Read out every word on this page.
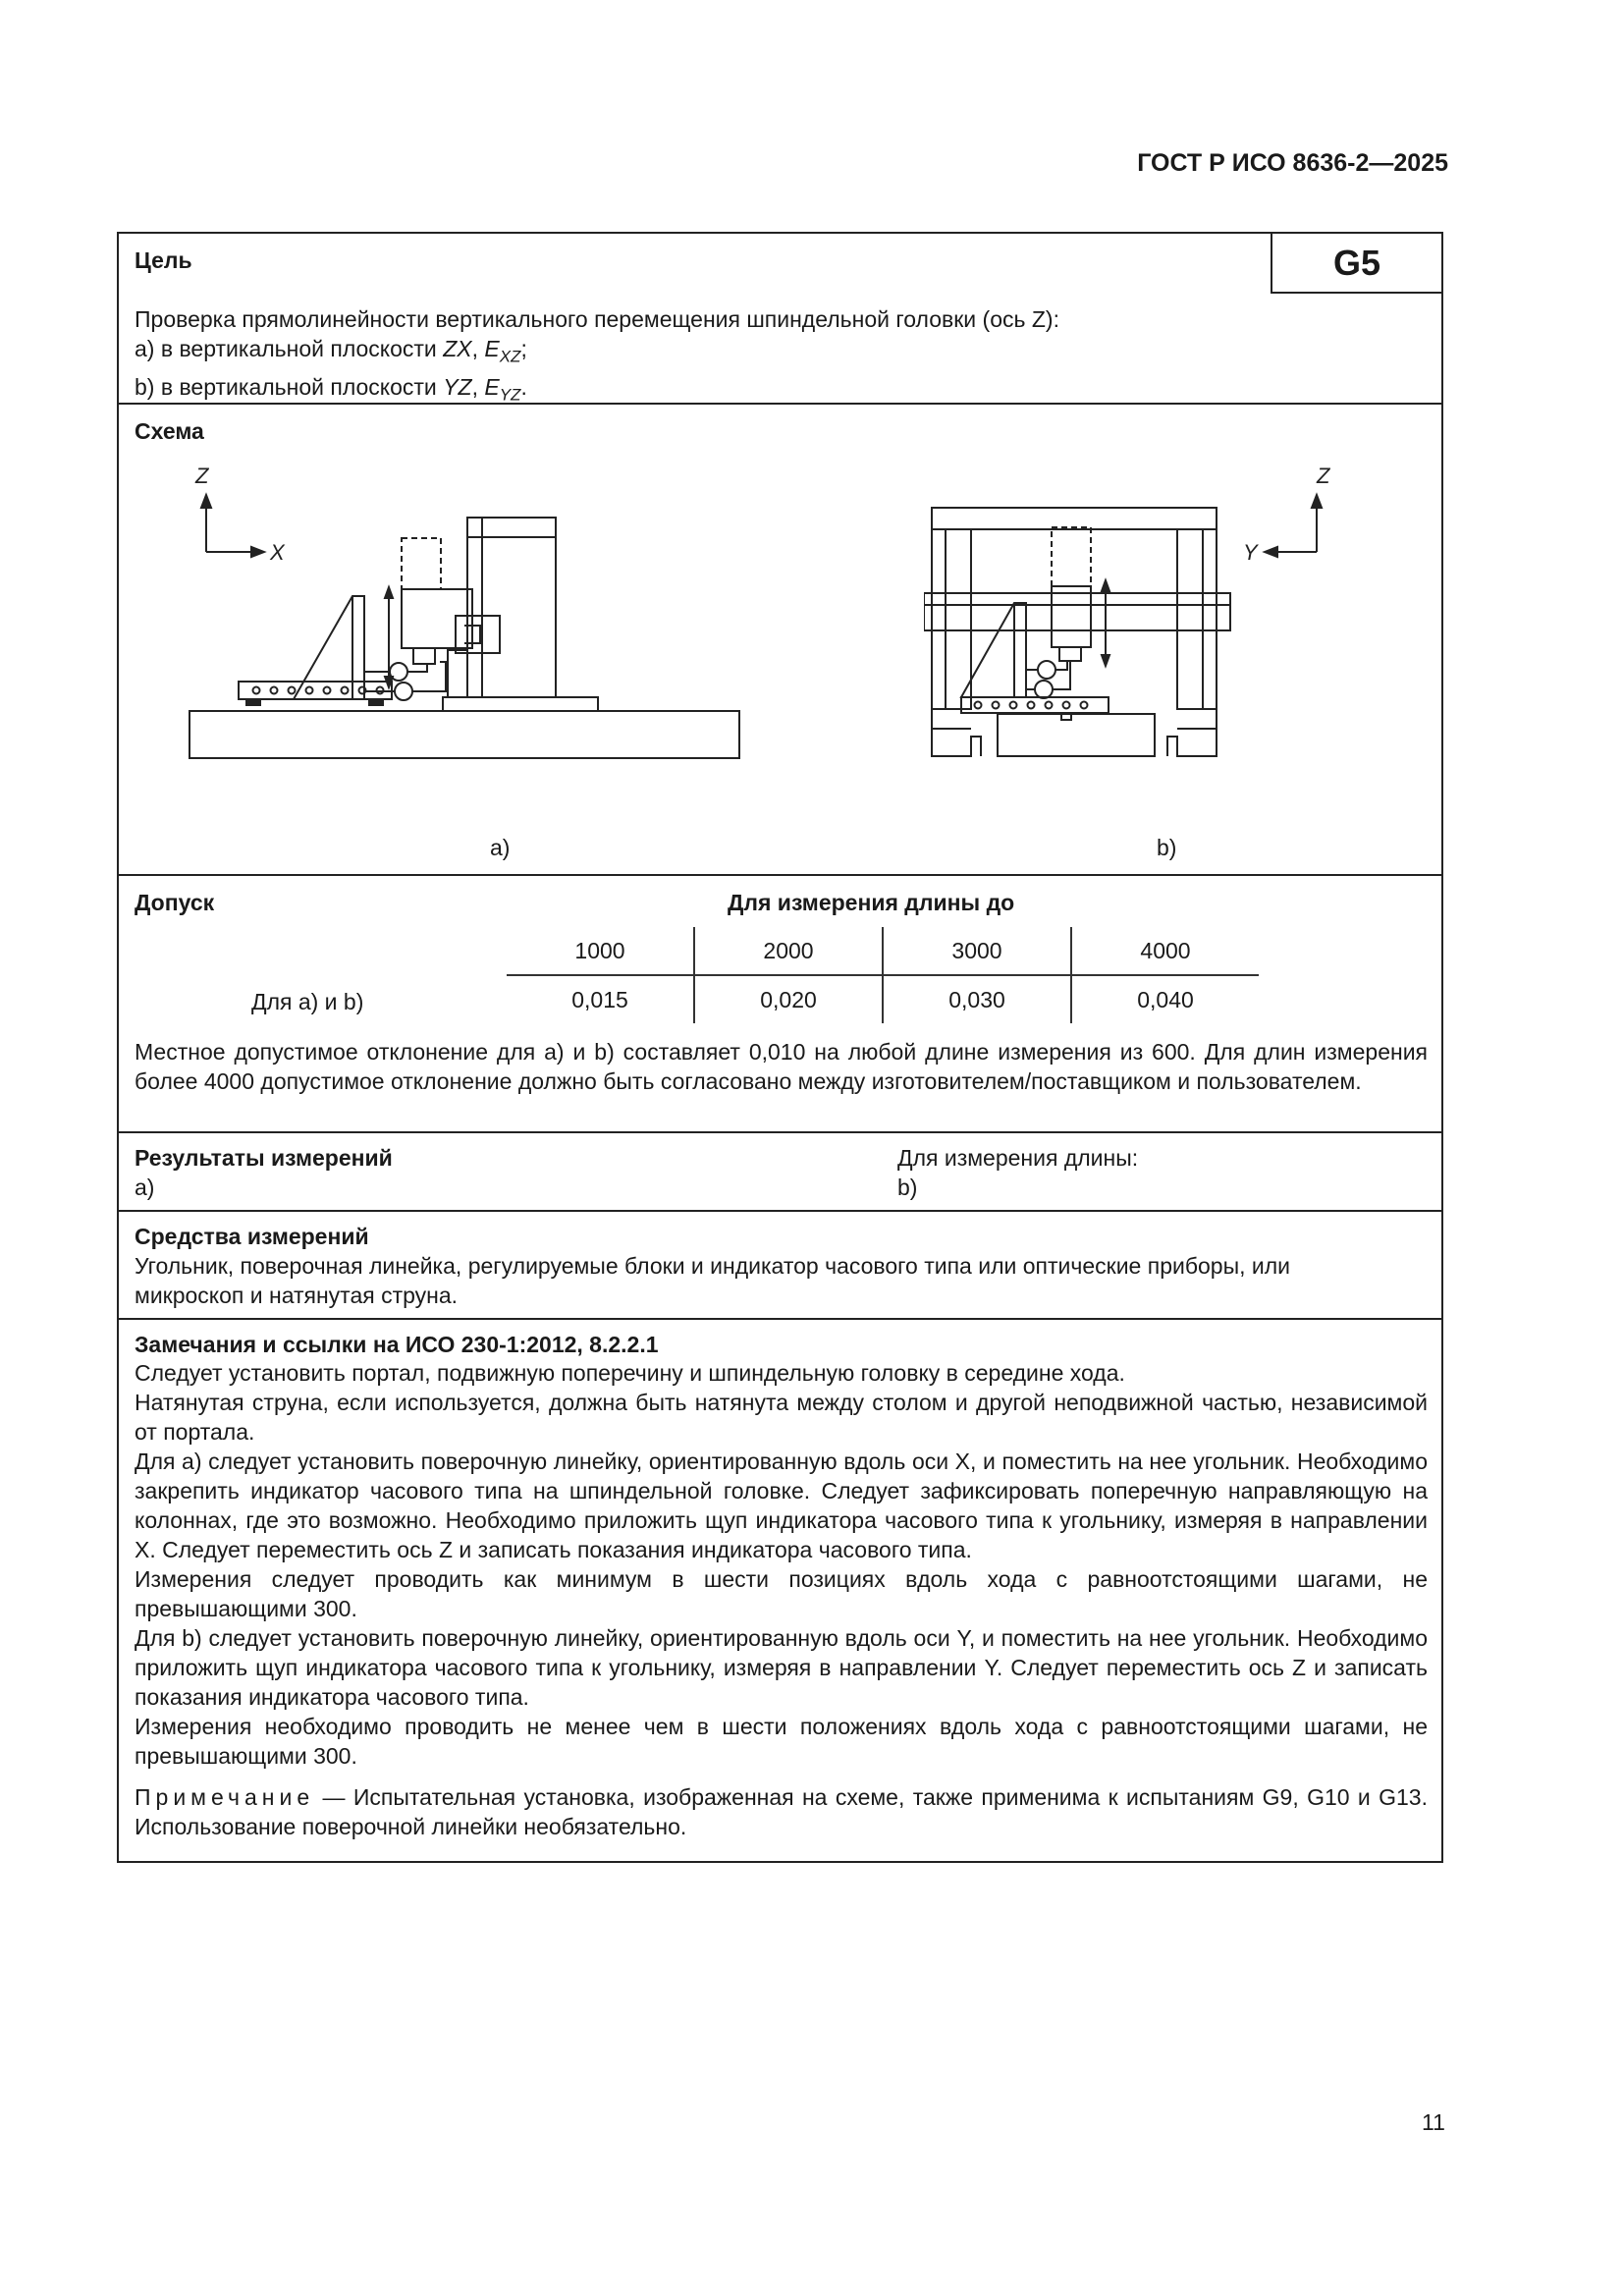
ГОСТ Р ИСО 8636-2—2025
G5
Цель
Проверка прямолинейности вертикального перемещения шпиндельной головки (ось Z):
a) в вертикальной плоскости ZX, $E_{XZ}$;
b) в вертикальной плоскости YZ, $E_{YZ}$.
Схема
Z
X
a)
Z
Y
b)
Допуск	Для измерения длины до
Для a) и b)
1000	2000	3000	4000
0,015	0,020	0,030	0,040
Местное допустимое отклонение для a) и b) составляет 0,010 на любой длине измерения из 600. Для длин измерения более 4000 допустимое отклонение должно быть согласовано между изготовителем/поставщиком и пользователем.
Результаты измерений
a)
Для измерения длины:
b)
Средства измерений
Угольник, поверочная линейка, регулируемые блоки и индикатор часового типа или оптические приборы, или микроскоп и натянутая струна.
Замечания и ссылки на ИСО 230-1:2012, 8.2.2.1
Следует установить портал, подвижную поперечину и шпиндельную головку в середине хода.
Натянутая струна, если используется, должна быть натянута между столом и другой неподвижной частью, независимой от портала.
Для a) следует установить поверочную линейку, ориентированную вдоль оси X, и поместить на нее угольник. Необходимо закрепить индикатор часового типа на шпиндельной головке. Следует зафиксировать поперечную направляющую на колоннах, где это возможно. Необходимо приложить щуп индикатора часового типа к угольнику, измеряя в направлении X. Следует переместить ось Z и записать показания индикатора часового типа.
Измерения следует проводить как минимум в шести позициях вдоль хода с равноотстоящими шагами, не превышающими 300.
Для b) следует установить поверочную линейку, ориентированную вдоль оси Y, и поместить на нее угольник. Необходимо приложить щуп индикатора часового типа к угольнику, измеряя в направлении Y. Следует переместить ось Z и записать показания индикатора часового типа.
Измерения необходимо проводить не менее чем в шести положениях вдоль хода с равноотстоящими шагами, не превышающими 300.
Примечание — Испытательная установка, изображенная на схеме, также применима к испытаниям G9, G10 и G13. Использование поверочной линейки необязательно.
11
